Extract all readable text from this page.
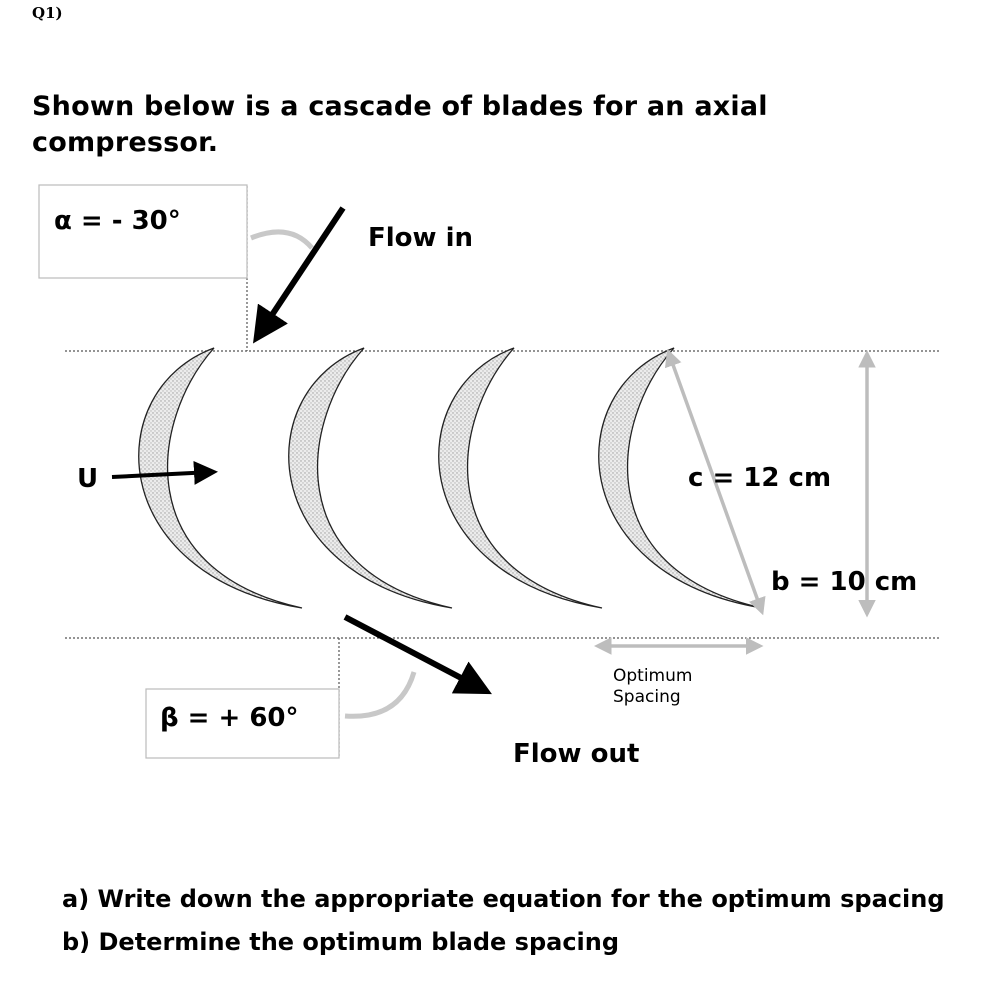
Q1)
Shown below is a cascade of blades for an axial compressor.
α = - 30°
Flow in
U	c = 12 cm
b = 10 cm
Optimum
Spacing
Flow out
β = + 60°
a) Write down the appropriate equation for the optimum spacing
b) Determine the optimum blade spacing
